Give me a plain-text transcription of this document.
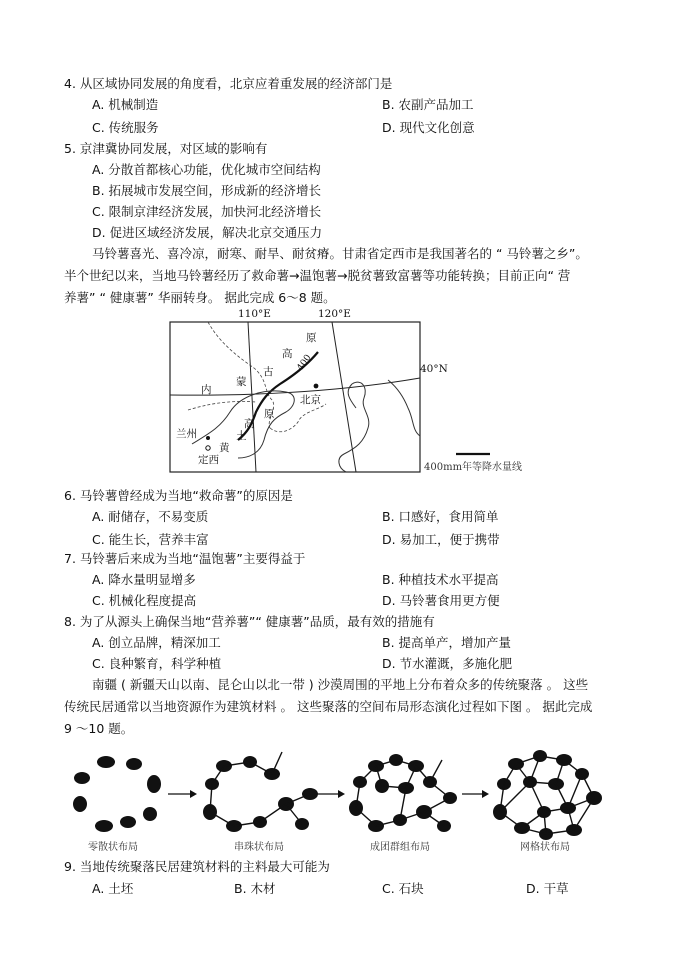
4. 从区域协同发展的角度看，北京应着重发展的经济部门是
A. 机械制造	B. 农副产品加工
C. 传统服务	D. 现代文化创意
5. 京津冀协同发展，对区域的影响有
A. 分散首都核心功能，优化城市空间结构
B. 拓展城市发展空间，形成新的经济增长
C. 限制京津经济发展，加快河北经济增长
D. 促进区域经济发展，解决北京交通压力
马铃薯喜光、喜冷凉，耐寒、耐旱、耐贫瘠。甘肃省定西市是我国著名的 “ 马铃薯之乡”。
半个世纪以来，当地马铃薯经历了救命薯→温饱薯→脱贫薯致富薯等功能转换；目前正向“ 营
养薯” “ 健康薯” 华丽转身。 据此完成 6～8 题。
110°E	120°E
40°N
400
原
高
古
蒙
内
原
高
土
黄
兰州
定西
北京
400mm年等降水量线
6. 马铃薯曾经成为当地“救命薯”的原因是
A. 耐储存，不易变质	B. 口感好，食用简单
C. 能生长，营养丰富	D. 易加工，便于携带
7. 马铃薯后来成为当地“温饱薯”主要得益于
A. 降水量明显增多	B. 种植技术水平提高
C. 机械化程度提高	D. 马铃薯食用更方便
8. 为了从源头上确保当地“营养薯”“ 健康薯”品质，最有效的措施有
A. 创立品牌，精深加工	B. 提高单产，增加产量
C. 良种繁育，科学种植	D. 节水灌溉，多施化肥
南疆 ( 新疆天山以南、昆仑山以北一带 ) 沙漠周围的平地上分布着众多的传统聚落 。 这些
传统民居通常以当地资源作为建筑材料 。 这些聚落的空间布局形态演化过程如下图 。 据此完成
9 ～10 题。
零散状布局	串珠状布局	成团群组布局	网格状布局
9. 当地传统聚落民居建筑材料的主料最大可能为
A. 土坯	B. 木材	C. 石块	D. 干草
